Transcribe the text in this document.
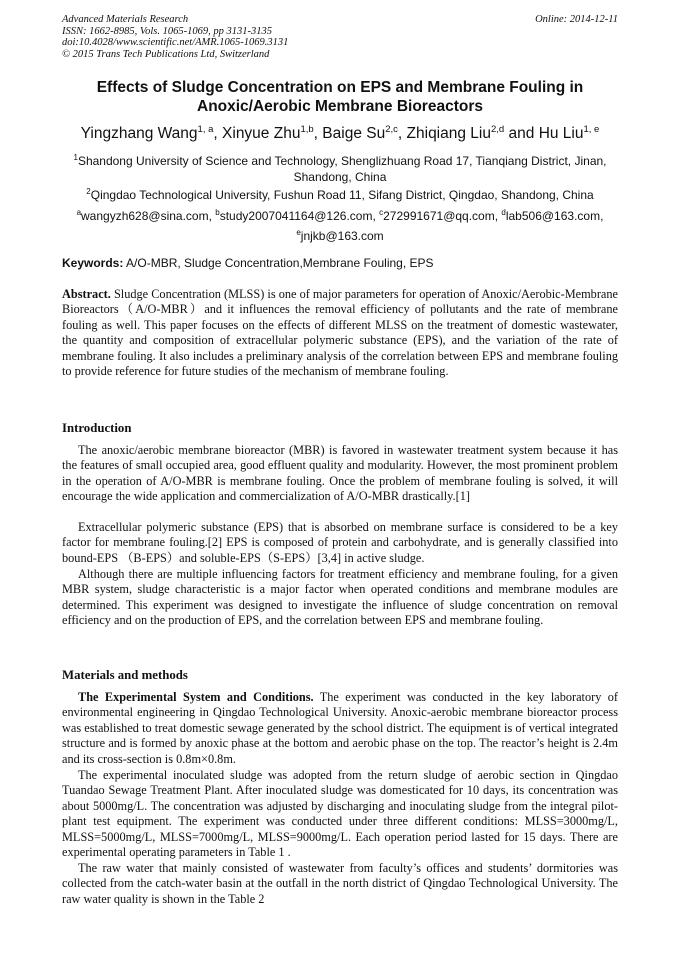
Advanced Materials Research
ISSN: 1662-8985, Vols. 1065-1069, pp 3131-3135
doi:10.4028/www.scientific.net/AMR.1065-1069.3131
© 2015 Trans Tech Publications Ltd, Switzerland
Online: 2014-12-11
Effects of Sludge Concentration on EPS and Membrane Fouling in Anoxic/Aerobic Membrane Bioreactors
Yingzhang Wang$^{1, a}$, Xinyue Zhu$^{1,b}$, Baige Su$^{2,c}$, Zhiqiang Liu$^{2,d}$ and Hu Liu$^{1, e}$
$^1$Shandong University of Science and Technology, Shenglizhuang Road 17, Tianqiang District, Jinan, Shandong, China
$^2$Qingdao Technological University, Fushun Road 11, Sifang District, Qingdao, Shandong, China
$^a$wangyzh628@sina.com, $^b$study2007041164@126.com, $^c$272991671@qq.com, $^d$lab506@163.com,
$^e$jnjkb@163.com
Keywords: A/O-MBR, Sludge Concentration,Membrane Fouling, EPS
Abstract. Sludge Concentration (MLSS) is one of major parameters for operation of Anoxic/Aerobic-Membrane Bioreactors（A/O-MBR）and it influences the removal efficiency of pollutants and the rate of membrane fouling as well. This paper focuses on the effects of different MLSS on the treatment of domestic wastewater, the quantity and composition of extracellular polymeric substance (EPS), and the variation of the rate of membrane fouling. It also includes a preliminary analysis of the correlation between EPS and membrane fouling to provide reference for future studies of the mechanism of membrane fouling.
Introduction
The anoxic/aerobic membrane bioreactor (MBR) is favored in wastewater treatment system because it has the features of small occupied area, good effluent quality and modularity. However, the most prominent problem in the operation of A/O-MBR is membrane fouling. Once the problem of membrane fouling is solved, it will encourage the wide application and commercialization of A/O-MBR drastically.[1]
Extracellular polymeric substance (EPS) that is absorbed on membrane surface is considered to be a key factor for membrane fouling.[2] EPS is composed of protein and carbohydrate, and is generally classified into bound-EPS （B-EPS）and soluble-EPS（S-EPS）[3,4] in active sludge.
Although there are multiple influencing factors for treatment efficiency and membrane fouling, for a given MBR system, sludge characteristic is a major factor when operated conditions and membrane modules are determined. This experiment was designed to investigate the influence of sludge concentration on removal efficiency and on the production of EPS, and the correlation between EPS and membrane fouling.
Materials and methods
The Experimental System and Conditions. The experiment was conducted in the key laboratory of environmental engineering in Qingdao Technological University. Anoxic-aerobic membrane bioreactor process was established to treat domestic sewage generated by the school district. The equipment is of vertical integrated structure and is formed by anoxic phase at the bottom and aerobic phase on the top. The reactor’s height is 2.4m and its cross-section is 0.8m×0.8m.
The experimental inoculated sludge was adopted from the return sludge of aerobic section in Qingdao Tuandao Sewage Treatment Plant. After inoculated sludge was domesticated for 10 days, its concentration was about 5000mg/L. The concentration was adjusted by discharging and inoculating sludge from the integral pilot-plant test equipment. The experiment was conducted under three different conditions: MLSS=3000mg/L, MLSS=5000mg/L, MLSS=7000mg/L, MLSS=9000mg/L. Each operation period lasted for 15 days. There are experimental operating parameters in Table 1 .
The raw water that mainly consisted of wastewater from faculty’s offices and students’ dormitories was collected from the catch-water basin at the outfall in the north district of Qingdao Technological University. The raw water quality is shown in the Table 2
